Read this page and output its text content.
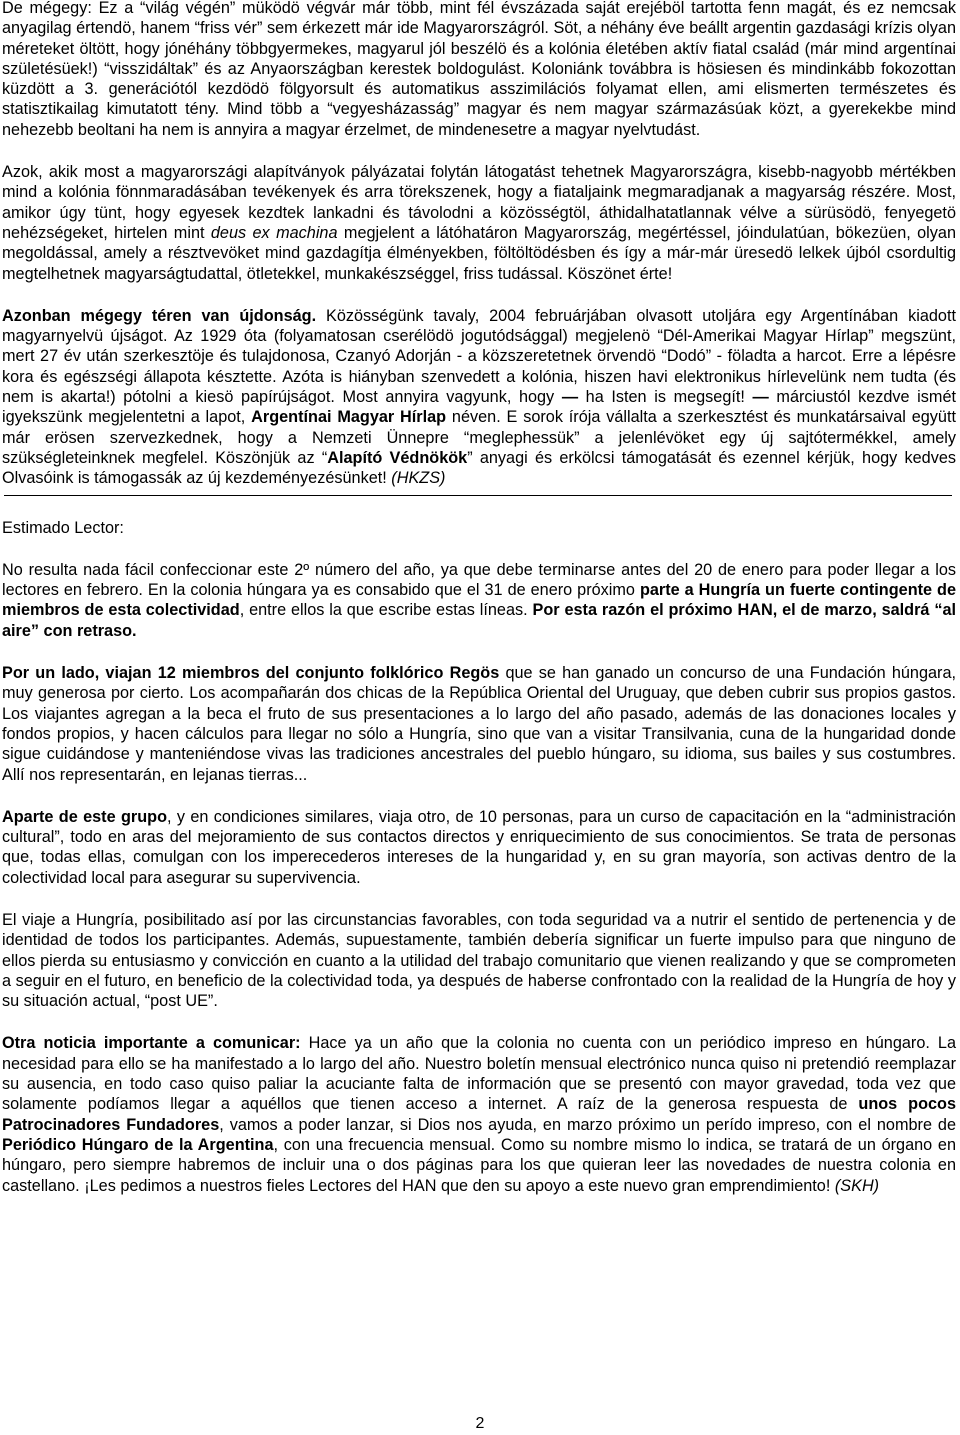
De mégegy: Ez a “világ végén” müködö végvár már több, mint fél évszázada saját erejéböl tartotta fenn magát, és ez nemcsak anyagilag értendö, hanem “friss vér” sem érkezett már ide Magyarországról. Söt, a néhány éve beállt argentin gazdasági krízis olyan méreteket öltött, hogy jónéhány többgyermekes, magyarul jól beszélö és a kolónia életében aktív fiatal család (már mind argentínai születésüek!) “visszidáltak” és az Anyaországban kerestek boldogulást. Koloniánk továbbra is hösiesen és mindinkább fokozottan küzdött a 3. generációtól kezdödö fölgyorsult és automatikus asszimilációs folyamat ellen, ami elismerten természetes és statisztikailag kimutatott tény. Mind több a “vegyesházasság” magyar és nem magyar származásúak közt, a gyerekekbe mind nehezebb beoltani ha nem is annyira a magyar érzelmet, de mindenesetre a magyar nyelvtudást.

Azok, akik most a magyarországi alapítványok pályázatai folytán látogatást tehetnek Magyarországra, kisebb-nagyobb mértékben mind a kolónia fönnmaradásában tevékenyek és arra törekszenek, hogy a fiataljaink megmaradjanak a magyarság részére. Most, amikor úgy tünt, hogy egyesek kezdtek lankadni és távolodni a közösségtöl, áthidalhatatlannak vélve a sürüsödö, fenyegetö nehézségeket, hirtelen mint deus ex machina megjelent a látóhatáron Magyarország, megértéssel, jóindulatúan, bökezüen, olyan megoldással, amely a résztvevöket mind gazdagítja élményekben, föltöltödésben és így a már-már üresedö lelkek újból csordultig megtelhetnek magyarságtudattal, ötletekkel, munkakészséggel, friss tudással. Köszönet érte!

Azonban mégegy téren van újdonság. Közösségünk tavaly, 2004 februárjában olvasott utoljára egy Argentínában kiadott magyarnyelvü újságot. Az 1929 óta (folyamatosan cserélödö jogutódsággal) megjelenö “Dél-Amerikai Magyar Hírlap” megszünt, mert 27 év után szerkesztöje és tulajdonosa, Czanyó Adorján - a közszeretetnek örvendö “Dodó” - föladta a harcot. Erre a lépésre kora és egészségi állapota késztette. Azóta is hiányban szenvedett a kolónia, hiszen havi elektronikus hírlevelünk nem tudta (és nem is akarta!) pótolni a kiesö papírújságot. Most annyira vagyunk, hogy — ha Isten is megsegít! — márciustól kezdve ismét igyekszünk megjelentetni a lapot, Argentínai Magyar Hírlap néven. E sorok írója vállalta a szerkesztést és munkatársaival együtt már erösen szervezkednek, hogy a Nemzeti Ünnepre “meglephessük” a jelenlévöket egy új sajtótermékkel, amely szükségleteinknek megfelel. Köszönjük az “Alapító Védnökök” anyagi és erkölcsi támogatását és ezennel kérjük, hogy kedves Olvasóink is támogassák az új kezdeményezésünket! (HKZS)

Estimado Lector:

No resulta nada fácil confeccionar este 2º número del año, ya que debe terminarse antes del 20 de enero para poder llegar a los lectores en febrero. En la colonia húngara ya es consabido que el 31 de enero próximo parte a Hungría un fuerte contingente de miembros de esta colectividad, entre ellos la que escribe estas líneas. Por esta razón el próximo HAN, el de marzo, saldrá “al aire” con retraso.

Por un lado, viajan 12 miembros del conjunto folklórico Regös que se han ganado un concurso de una Fundación húngara, muy generosa por cierto. Los acompañarán dos chicas de la República Oriental del Uruguay, que deben cubrir sus propios gastos. Los viajantes agregan a la beca el fruto de sus presentaciones a lo largo del año pasado, además de las donaciones locales y fondos propios, y hacen cálculos para llegar no sólo a Hungría, sino que van a visitar Transilvania, cuna de la hungaridad donde sigue cuidándose y manteniéndose vivas las tradiciones ancestrales del pueblo húngaro, su idioma, sus bailes y sus costumbres. Allí nos representarán, en lejanas tierras...

Aparte de este grupo, y en condiciones similares, viaja otro, de 10 personas, para un curso de capacitación en la “administración cultural”, todo en aras del mejoramiento de sus contactos directos y enriquecimiento de sus conocimientos. Se trata de personas que, todas ellas, comulgan con los imperecederos intereses de la hungaridad y, en su gran mayoría, son activas dentro de la colectividad local para asegurar su supervivencia.

El viaje a Hungría, posibilitado así por las circunstancias favorables, con toda seguridad va a nutrir el sentido de pertenencia y de identidad de todos los participantes. Además, supuestamente, también debería significar un fuerte impulso para que ninguno de ellos pierda su entusiasmo y convicción en cuanto a la utilidad del trabajo comunitario que vienen realizando y que se comprometen a seguir en el futuro, en beneficio de la colectividad toda, ya después de haberse confrontado con la realidad de la Hungría de hoy y su situación actual, “post UE”.

Otra noticia importante a comunicar: Hace ya un año que la colonia no cuenta con un periódico impreso en húngaro. La necesidad para ello se ha manifestado a lo largo del año. Nuestro boletín mensual electrónico nunca quiso ni pretendió reemplazar su ausencia, en todo caso quiso paliar la acuciante falta de información que se presentó con mayor gravedad, toda vez que solamente podíamos llegar a aquéllos que tienen acceso a internet. A raíz de la generosa respuesta de unos pocos Patrocinadores Fundadores, vamos a poder lanzar, si Dios nos ayuda, en marzo próximo un perído impreso, con el nombre de Periódico Húngaro de la Argentina, con una frecuencia mensual. Como su nombre mismo lo indica, se tratará de un órgano en húngaro, pero siempre habremos de incluir una o dos páginas para los que quieran leer las novedades de nuestra colonia en castellano. ¡Les pedimos a nuestros fieles Lectores del HAN que den su apoyo a este nuevo gran emprendimiento! (SKH)

2
